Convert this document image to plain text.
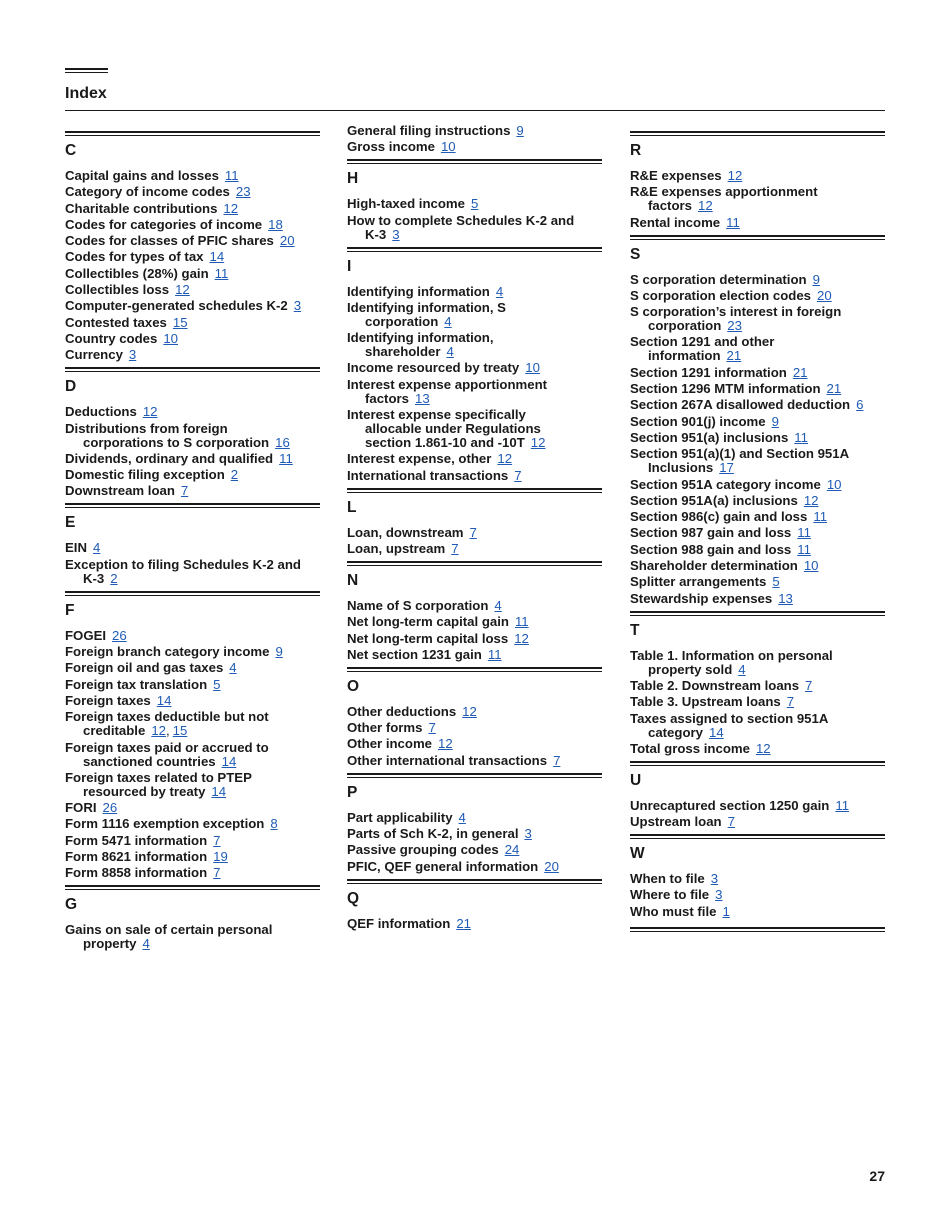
Index
C
Capital gains and losses 11
Category of income codes 23
Charitable contributions 12
Codes for categories of income 18
Codes for classes of PFIC shares 20
Codes for types of tax 14
Collectibles (28%) gain 11
Collectibles loss 12
Computer-generated schedules K-2 3
Contested taxes 15
Country codes 10
Currency 3
D
Deductions 12
Distributions from foreign
corporations to S corporation 16
Dividends, ordinary and qualified 11
Domestic filing exception 2
Downstream loan 7
E
EIN 4
Exception to filing Schedules K-2 and
K-3 2
F
FOGEI 26
Foreign branch category income 9
Foreign oil and gas taxes 4
Foreign tax translation 5
Foreign taxes 14
Foreign taxes deductible but not
creditable 12, 15
Foreign taxes paid or accrued to
sanctioned countries 14
Foreign taxes related to PTEP
resourced by treaty 14
FORI 26
Form 1116 exemption exception 8
Form 5471 information 7
Form 8621 information 19
Form 8858 information 7
G
Gains on sale of certain personal
property 4
General filing instructions 9
Gross income 10
H
High-taxed income 5
How to complete Schedules K-2 and
K-3 3
I
Identifying information 4
Identifying information, S
corporation 4
Identifying information,
shareholder 4
Income resourced by treaty 10
Interest expense apportionment
factors 13
Interest expense specifically
allocable under Regulations
section 1.861-10 and -10T 12
Interest expense, other 12
International transactions 7
L
Loan, downstream 7
Loan, upstream 7
N
Name of S corporation 4
Net long-term capital gain 11
Net long-term capital loss 12
Net section 1231 gain 11
O
Other deductions 12
Other forms 7
Other income 12
Other international transactions 7
P
Part applicability 4
Parts of Sch K-2, in general 3
Passive grouping codes 24
PFIC, QEF general information 20
Q
QEF information 21
R
R&E expenses 12
R&E expenses apportionment
factors 12
Rental income 11
S
S corporation determination 9
S corporation election codes 20
S corporation’s interest in foreign
corporation 23
Section 1291 and other
information 21
Section 1291 information 21
Section 1296 MTM information 21
Section 267A disallowed deduction 6
Section 901(j) income 9
Section 951(a) inclusions 11
Section 951(a)(1) and Section 951A
Inclusions 17
Section 951A category income 10
Section 951A(a) inclusions 12
Section 986(c) gain and loss 11
Section 987 gain and loss 11
Section 988 gain and loss 11
Shareholder determination 10
Splitter arrangements 5
Stewardship expenses 13
T
Table 1. Information on personal
property sold 4
Table 2. Downstream loans 7
Table 3. Upstream loans 7
Taxes assigned to section 951A
category 14
Total gross income 12
U
Unrecaptured section 1250 gain 11
Upstream loan 7
W
When to file 3
Where to file 3
Who must file 1

27
